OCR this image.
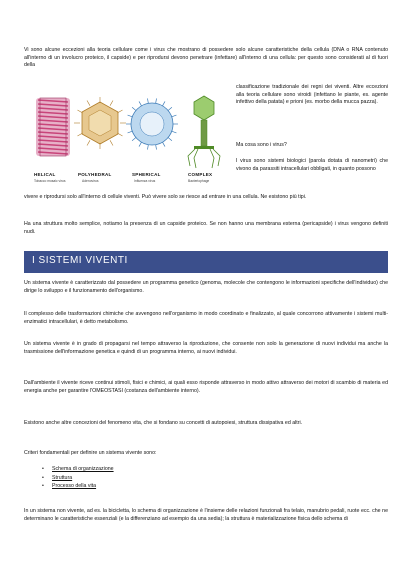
Vi sono alcune eccezioni alla teoria cellulare come i virus che mostrano di possedere solo alcune caratteristiche della cellula (DNA o RNA contenuto all'interno di un involucro proteico, il capside) e per riprodursi devono penetrare (infettare) all'interno di una cellula: per questo sono considerati al di fuori della

HELICAL	POLYHEDRAL	SPHERICAL	COMPLEX
Tobacco mosaic virus	Adenovirus	Influenza virus	Bacteriophage

classificazione tradizionale dei regni dei viventi. Altre eccezioni alla teoria cellulare sono viroidi (infettano le piante, es. agente infettivo della patata) e prioni (es. morbo della mucca pazza).

Ma cosa sono i virus?

I virus sono sistemi biologici (parola dotata di nanometri) che vivono da parassiti intracellulari obbligati, in quanto possono

vivere e riprodursi solo all'interno di cellule viventi. Può vivere solo se riesce ad entrare in una cellula. Ne esistono più tipi.

Ha una struttura molto semplice, notiamo la presenza di un capside proteico. Se non hanno una membrana esterna (pericapside) i virus vengono definiti nudi.

I SISTEMI VIVENTI

Un sistema vivente è caratterizzato dal possedere un programma genetico (genoma, molecole che contengono le informazioni specifiche dell'individuo) che dirige lo sviluppo e il funzionamento dell'organismo.

Il complesso delle trasformazioni chimiche che avvengono nell'organismo in modo coordinato e finalizzato, al quale concorrono attivamente i sistemi multi-enzimatici intracellulari, è detto metabolismo.

Un sistema vivente è in grado di propagarsi nel tempo attraverso la riproduzione, che consente non solo la generazione di nuovi individui ma anche la trasmissione dell'informazione genetica e quindi di un programma interno, ai nuovi individui.

Dall'ambiente il vivente riceve continui stimoli, fisici e chimici, ai quali esso risponde attraverso in modo attivo attraverso dei motori di scambio di materia ed energia anche per garantire l'OMEOSTASI (costanza dell'ambiente interno).

Esistono anche altre concezioni del fenomeno vita, che si fondano su concetti di autopoiesi, struttura dissipativa ed altri.

Criteri fondamentali per definire un sistema vivente sono:

• Schema di organizzazione
• Struttura
• Processo della vita

In un sistema non vivente, ad es. la bicicletta, lo schema di organizzazione è l'insieme delle relazioni funzionali fra telaio, manubrio pedali, ruote ecc. che ne determinano le caratteristiche essenziali (e la differenziano ad esempio da una sedia); la struttura è materializzazione fisica dello schema di
